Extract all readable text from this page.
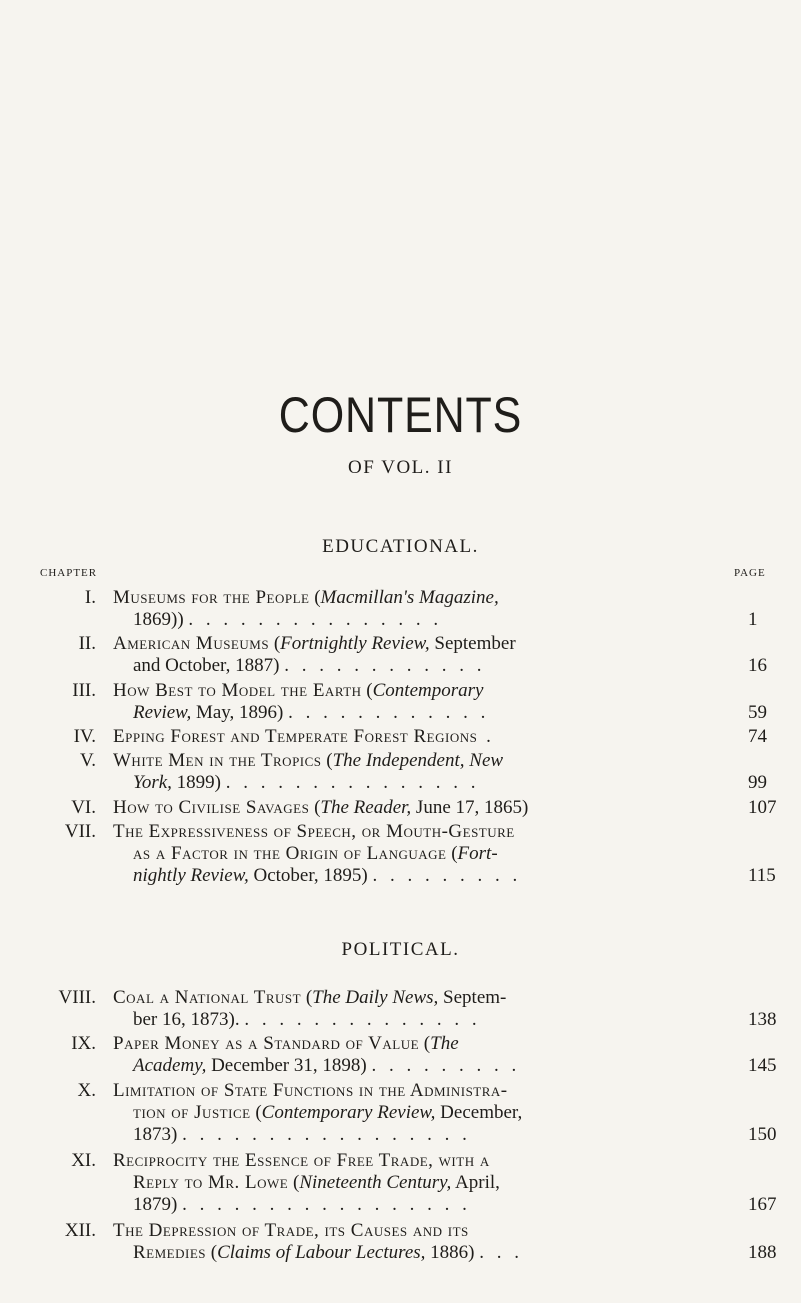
CONTENTS
OF VOL. II
EDUCATIONAL.
CHAPTER	PAGE
I. Museums for the People (Macmillan's Magazine,
1869)) . . . . . . . . . . . . . . .	1
II. American Museums (Fortnightly Review, September
and October, 1887) . . . . . . . . . . . .	16
III. How Best to Model the Earth (Contemporary
Review, May, 1896) . . . . . . . . . . . .	59
IV. Epping Forest and Temperate Forest Regions .	74
V. White Men in the Tropics (The Independent, New
York, 1899) . . . . . . . . . . . . . . .	99
VI. How to Civilise Savages (The Reader, June 17, 1865)	107
VII. The Expressiveness of Speech, or Mouth-Gesture
as a Factor in the Origin of Language (Fort-
nightly Review, October, 1895) . . . . . . . . .	115
POLITICAL.
VIII. Coal a National Trust (The Daily News, Septem-
ber 16, 1873). . . . . . . . . . . . . . .	138
IX. Paper Money as a Standard of Value (The
Academy, December 31, 1898) . . . . . . . . .	145
X. Limitation of State Functions in the Administra-
tion of Justice (Contemporary Review, December,
1873) . . . . . . . . . . . . . . . . .	150
XI. Reciprocity the Essence of Free Trade, with a
Reply to Mr. Lowe (Nineteenth Century, April,
1879) . . . . . . . . . . . . . . . . .	167
XII. The Depression of Trade, its Causes and its
Remedies (Claims of Labour Lectures, 1886) . . .	188
